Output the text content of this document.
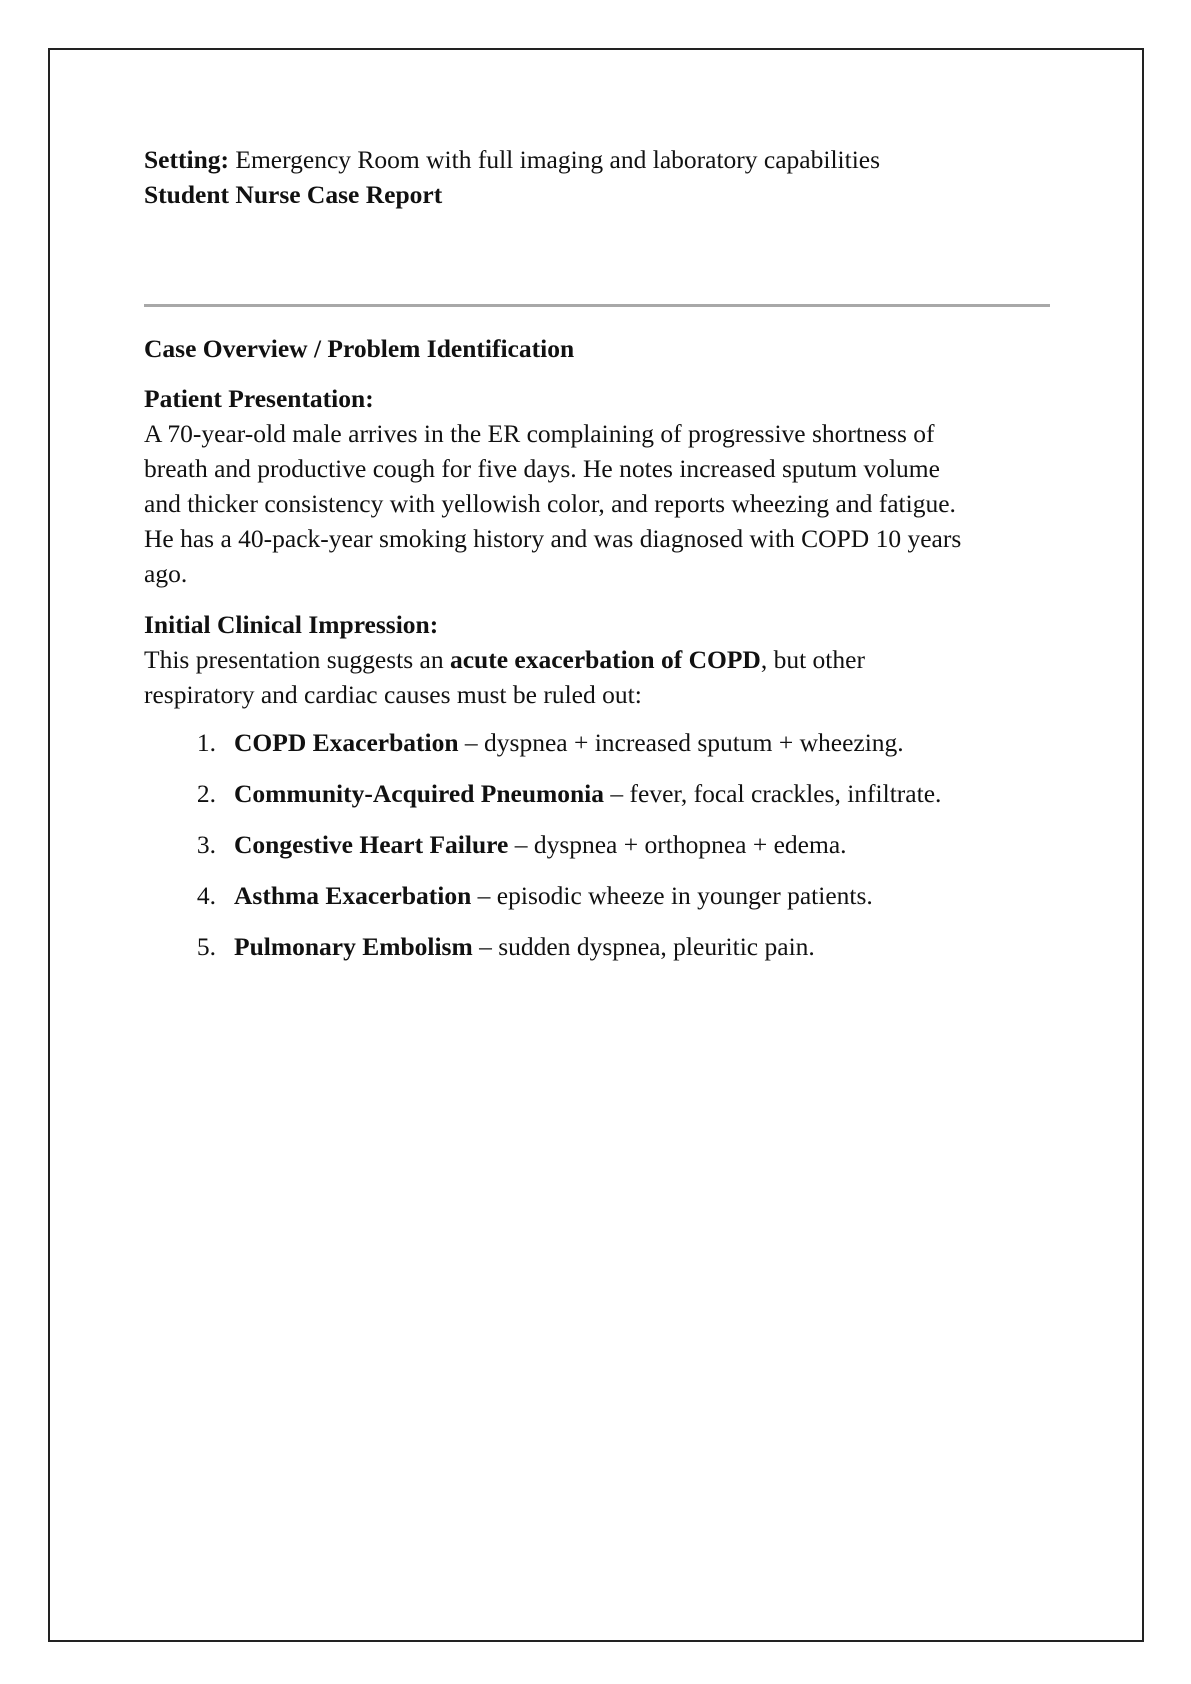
Setting: Emergency Room with full imaging and laboratory capabilities
Student Nurse Case Report

Case Overview / Problem Identification

Patient Presentation:

A 70-year-old male arrives in the ER complaining of progressive shortness of
breath and productive cough for five days. He notes increased sputum volume
and thicker consistency with yellowish color, and reports wheezing and fatigue.
He has a 40-pack-year smoking history and was diagnosed with COPD 10 years
ago.

Initial Clinical Impression:

This presentation suggests an acute exacerbation of COPD, but other
respiratory and cardiac causes must be ruled out:

1. COPD Exacerbation – dyspnea + increased sputum + wheezing.
2. Community-Acquired Pneumonia – fever, focal crackles, infiltrate.
3. Congestive Heart Failure – dyspnea + orthopnea + edema.
4. Asthma Exacerbation – episodic wheeze in younger patients.
5. Pulmonary Embolism – sudden dyspnea, pleuritic pain.
